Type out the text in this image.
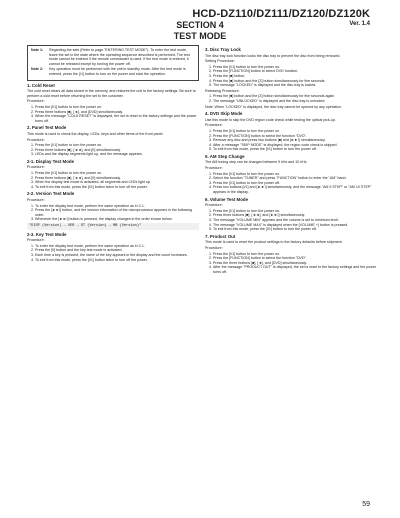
HCD-DZ110/DZ111/DZ120/DZ120K
Ver. 1.4
SECTION 4
TEST MODE
Note 1:	Regarding the sets (Refer to page "ENTERING TEST MODE"). To enter the test mode, leave the set in the state where the operating sequence described is performed. The test mode cannot be entered if the remote commander is used. If the test mode is entered, it cannot be released except by turning the power off.
Note 2:	Key operation must be performed with the unit in standby mode. After the test mode is entered, press the [/1] button to turn on the power and start the operation.
1. Cold Reset
The cold reset clears all data stored in the memory, and restores the unit to the factory settings. Be sure to perform a cold reset before returning the set to the customer.
Procedure:
1. Press the [I/1] button to turn the power on.
2. Press three buttons [■], [◄], and [DVD] simultaneously.
3. When the message "COLD RESET" is displayed, the set is reset to the factory settings and the power turns off.
2. Panel Test Mode
This mode is used to check the display, LEDs, keys and other items of the front panel.
Procedure:
1. Press the [I/1] button to turn the power on.
2. Press three buttons [■], [◄◄], and [II] simultaneously.
3. LEDs and the display segments light up, and the message appears.
2-1. Display Test Mode
Procedure:
1. Press the [I/1] button to turn the power on.
2. Press three buttons [■], [◄◄], and [II] simultaneously.
3. When the display test mode is activated, all segments and LEDs light up.
4. To exit from this mode, press the [I/1] button twice to turn off the power.
2-2. Version Test Mode
Procedure:
1. To enter the display test mode, perform the same operation as in 2-1.
2. Press the [►►I] button, and the version information of the microprocessor appears in the following order.
3. Whenever the [►►I] button is pressed, the display changes in the order shown below.
"DISP (Version) → VER → ST (Version) → MB (Version)"
2-3. Key Test Mode
Procedure:
1. To enter the display test mode, perform the same operation as in 2-1.
2. Press the [II] button and the key test mode is activated.
3. Each time a key is pressed, the name of the key appears in the display and the count increases.
4. To exit from this mode, press the [I/1] button twice to turn off the power.
3. Disc Tray Lock
The disc tray lock function locks the disc tray to prevent the disc from being removed.
Setting Procedure:
1. Press the [I/1] button to turn the power on.
2. Press the [FUNCTION] button to select DVD function.
3. Press the [■] button.
4. Press the [■] button and the [Z] button simultaneously for five seconds.
5. The message "LOCKED" is displayed and the disc tray is locked.
Releasing Procedure:
1. Press the [■] button and the [Z] button simultaneously for five seconds again.
2. The message "UNLOCKED" is displayed and the disc tray is unlocked.
Note: When "LOCKED" is displayed, the disc tray cannot be opened by any operation.
4. DVD Skip Mode
Use this mode to skip the DVD region code check while testing the optical pick-up.
Procedure:
1. Press the [I/1] button to turn the power on.
2. Press the [FUNCTION] button to select the function "DVD".
3. Remove any disc and press two buttons [■] and [►►I] simultaneously.
4. After a message "SKIP MODE" is displayed, the region code check is skipped.
5. To exit from this mode, press the [I/1] button to turn the power off.
5. AM Step Change
The AM tuning step can be changed between 9 kHz and 10 kHz.
Procedure:
1. Press the [I/1] button to turn the power on.
2. Select the function "TUNER" and press "FUNCTION" button to enter the "AM" band.
3. Press the [I/1] button to turn the power off.
4. Press two buttons [I/1] and [►►I] simultaneously, and the message "AM 9 STEP" or "AM 10 STEP" appears in the display.
6. Volume Test Mode
Procedure:
1. Press the [I/1] button to turn the power on.
2. Press three buttons [■], [◄◄], and [►►I] simultaneously.
3. The message "VOLUME MIN" appears and the volume is set to minimum level.
4. The message "VOLUME MAX" is displayed when the [VOLUME +] button is pressed.
5. To exit from this mode, press the [I/1] button to turn the power off.
7. Product Out
This mode is used to reset the product settings to the factory defaults before shipment.
Procedure:
1. Press the [I/1] button to turn the power on.
2. Press the [FUNCTION] button to select the function "DVD".
3. Press the three buttons [■], [◄], and [DVD] simultaneously.
4. After the message "PRODUCT OUT" is displayed, the set is reset to the factory settings and the power turns off.
59
